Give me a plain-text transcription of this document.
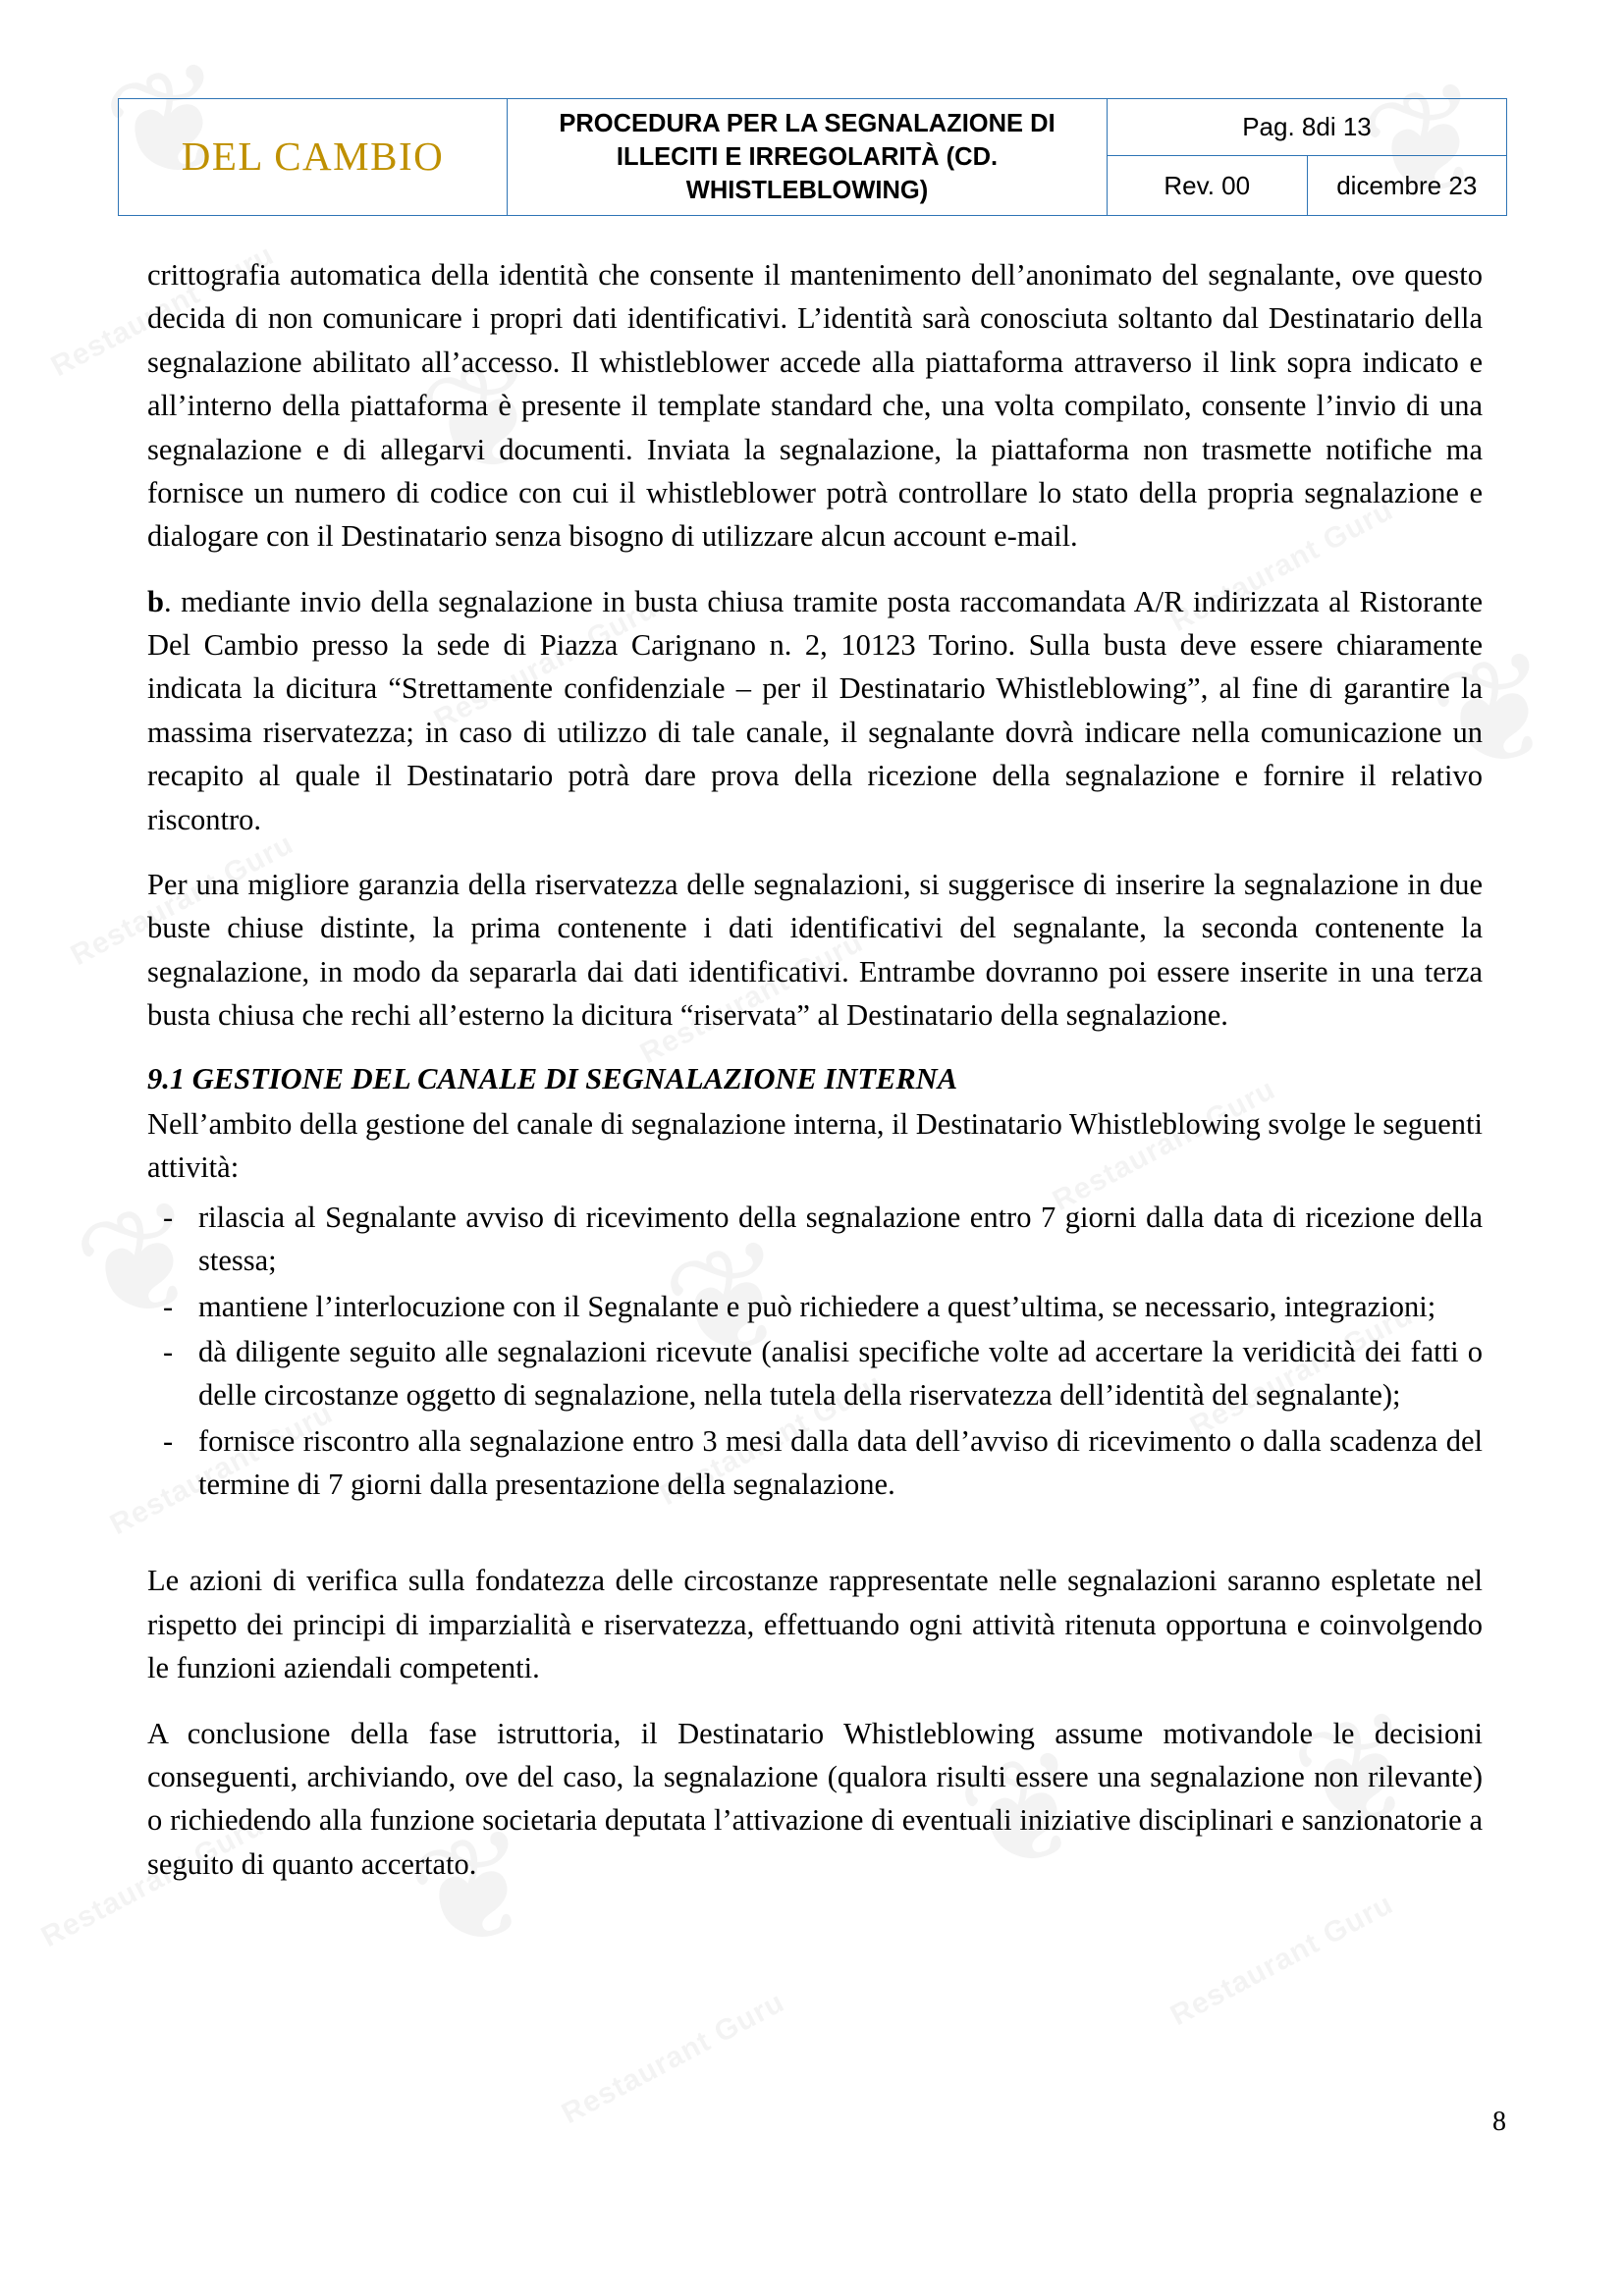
DEL CAMBIO	PROCEDURA PER LA SEGNALAZIONE DI ILLECITI E IRREGOLARITÀ (CD. WHISTLEBLOWING)	Pag. 8di 13	
		Rev. 00	dicembre 23

crittografia automatica della identità che consente il mantenimento dell’anonimato del segnalante, ove questo decida di non comunicare i propri dati identificativi. L’identità sarà conosciuta soltanto dal Destinatario della segnalazione abilitato all’accesso. Il whistleblower accede alla piattaforma attraverso il link sopra indicato e all’interno della piattaforma è presente il template standard che, una volta compilato, consente l’invio di una segnalazione e di allegarvi documenti. Inviata la segnalazione, la piattaforma non trasmette notifiche ma fornisce un numero di codice con cui il whistleblower potrà controllare lo stato della propria segnalazione e dialogare con il Destinatario senza bisogno di utilizzare alcun account e-mail.

b. mediante invio della segnalazione in busta chiusa tramite posta raccomandata A/R indirizzata al Ristorante Del Cambio presso la sede di Piazza Carignano n. 2, 10123 Torino. Sulla busta deve essere chiaramente indicata la dicitura “Strettamente confidenziale – per il Destinatario Whistleblowing”, al fine di garantire la massima riservatezza; in caso di utilizzo di tale canale, il segnalante dovrà indicare nella comunicazione un recapito al quale il Destinatario potrà dare prova della ricezione della segnalazione e fornire il relativo riscontro.

Per una migliore garanzia della riservatezza delle segnalazioni, si suggerisce di inserire la segnalazione in due buste chiuse distinte, la prima contenente i dati identificativi del segnalante, la seconda contenente la segnalazione, in modo da separarla dai dati identificativi. Entrambe dovranno poi essere inserite in una terza busta chiusa che rechi all’esterno la dicitura “riservata” al Destinatario della segnalazione.

9.1 GESTIONE DEL CANALE DI SEGNALAZIONE INTERNA

Nell’ambito della gestione del canale di segnalazione interna, il Destinatario Whistleblowing svolge le seguenti attività:

- rilascia al Segnalante avviso di ricevimento della segnalazione entro 7 giorni dalla data di ricezione della stessa;
- mantiene l’interlocuzione con il Segnalante e può richiedere a quest’ultima, se necessario, integrazioni;
- dà diligente seguito alle segnalazioni ricevute (analisi specifiche volte ad accertare la veridicità dei fatti o delle circostanze oggetto di segnalazione, nella tutela della riservatezza dell’identità del segnalante);
- fornisce riscontro alla segnalazione entro 3 mesi dalla data dell’avviso di ricevimento o dalla scadenza del termine di 7 giorni dalla presentazione della segnalazione.

Le azioni di verifica sulla fondatezza delle circostanze rappresentate nelle segnalazioni saranno espletate nel rispetto dei principi di imparzialità e riservatezza, effettuando ogni attività ritenuta opportuna e coinvolgendo le funzioni aziendali competenti.

A conclusione della fase istruttoria, il Destinatario Whistleblowing assume motivandole le decisioni conseguenti, archiviando, ove del caso, la segnalazione (qualora risulti essere una segnalazione non rilevante) o richiedendo alla funzione societaria deputata l’attivazione di eventuali iniziative disciplinari e sanzionatorie a seguito di quanto accertato.

8
